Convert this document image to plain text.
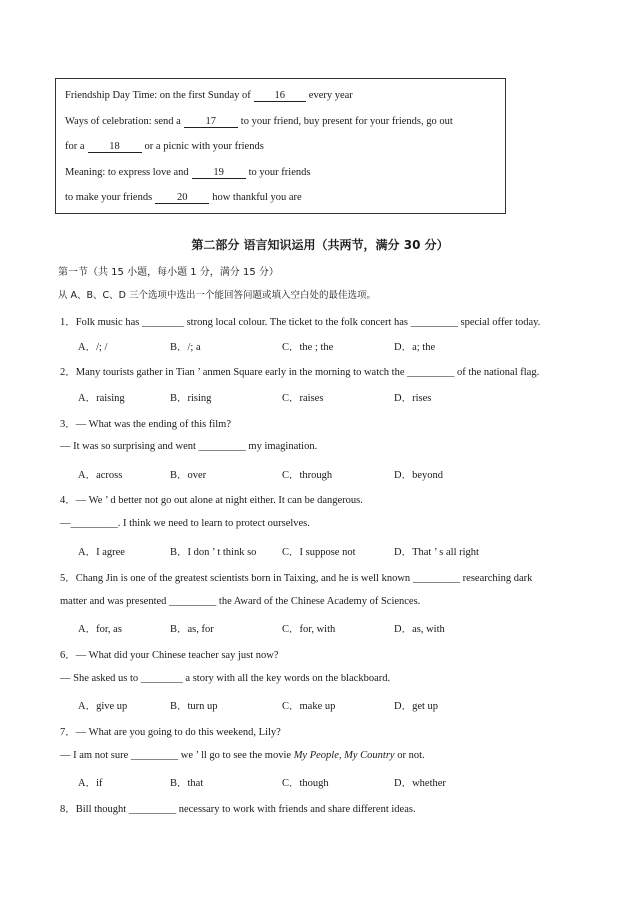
Friendship Day Time: on the first Sunday of 16 every year
Ways of celebration: send a 17 to your friend, buy present for your friends, go out
for a 18 or a picnic with your friends
Meaning: to express love and 19 to your friends
to make your friends 20 how thankful you are
第二部分 语言知识运用（共两节，满分 30 分）
第一节（共 15 小题，每小题 1 分，满分 15 分）
从 A、B、C、D 三个选项中选出一个能回答问题或填入空白处的最佳选项。
1．Folk music has ________ strong local colour. The ticket to the folk concert has _________ special offer today.
A．/; /	B．/; a	C．the ; the	D．a; the
2．Many tourists gather in Tian ’ anmen Square early in the morning to watch the _________ of the national flag.
A．raising	B．rising	C．raises	D．rises
3．— What was the ending of this film?
— It was so surprising and went _________ my imagination.
A．across	B．over	C．through	D．beyond
4．— We ’ d better not go out alone at night either. It can be dangerous.
—_________. I think we need to learn to protect ourselves.
A．I agree	B．I don ’ t think so C．I suppose not	D．That ’ s all right
5．Chang Jin is one of the greatest scientists born in Taixing, and he is well known _________ researching dark
matter and was presented _________ the Award of the Chinese Academy of Sciences.
A．for, as	B．as, for	C．for, with	D．as, with
6．— What did your Chinese teacher say just now?
— She asked us to ________ a story with all the key words on the blackboard.
A．give up	B．turn up	C．make up	D．get up
7．— What are you going to do this weekend, Lily?
— I am not sure _________ we ’ ll go to see the movie My People, My Country or not.
A．if	B．that	C．though	D．whether
8．Bill thought _________ necessary to work with friends and share different ideas.
